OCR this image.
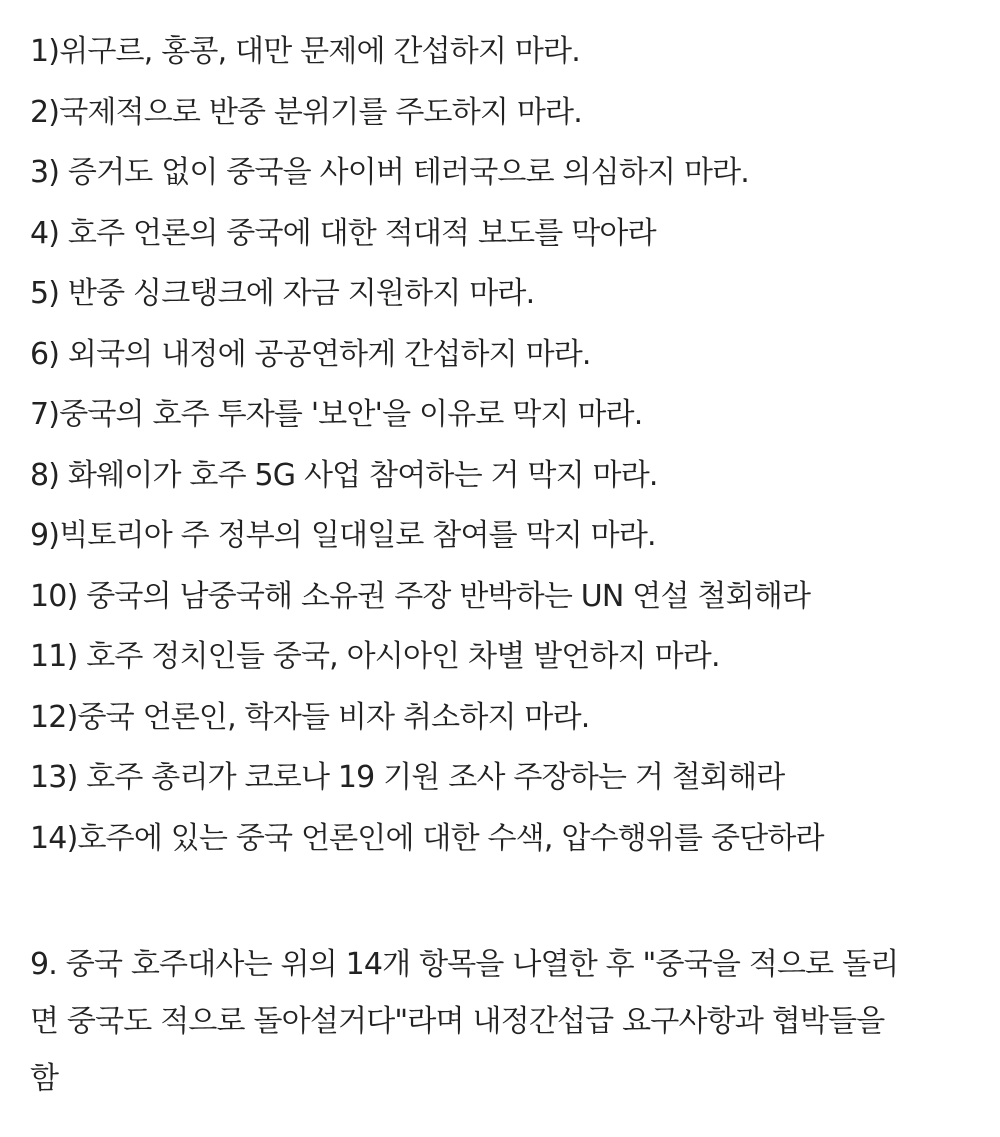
1)위구르, 홍콩, 대만 문제에 간섭하지 마라.
2)국제적으로 반중 분위기를 주도하지 마라.
3) 증거도 없이 중국을 사이버 테러국으로 의심하지 마라.
4) 호주 언론의 중국에 대한 적대적 보도를 막아라
5) 반중 싱크탱크에 자금 지원하지 마라.
6) 외국의 내정에 공공연하게 간섭하지 마라.
7)중국의 호주 투자를 '보안'을 이유로 막지 마라.
8) 화웨이가 호주 5G 사업 참여하는 거 막지 마라.
9)빅토리아 주 정부의 일대일로 참여를 막지 마라.
10) 중국의 남중국해 소유권 주장 반박하는 UN 연설 철회해라
11) 호주 정치인들 중국, 아시아인 차별 발언하지 마라.
12)중국 언론인, 학자들 비자 취소하지 마라.
13) 호주 총리가 코로나 19 기원 조사 주장하는 거 철회해라
14)호주에 있는 중국 언론인에 대한 수색, 압수행위를 중단하라

9. 중국 호주대사는 위의 14개 항목을 나열한 후 "중국을 적으로 돌리
면 중국도 적으로 돌아설거다"라며 내정간섭급 요구사항과 협박들을
함
